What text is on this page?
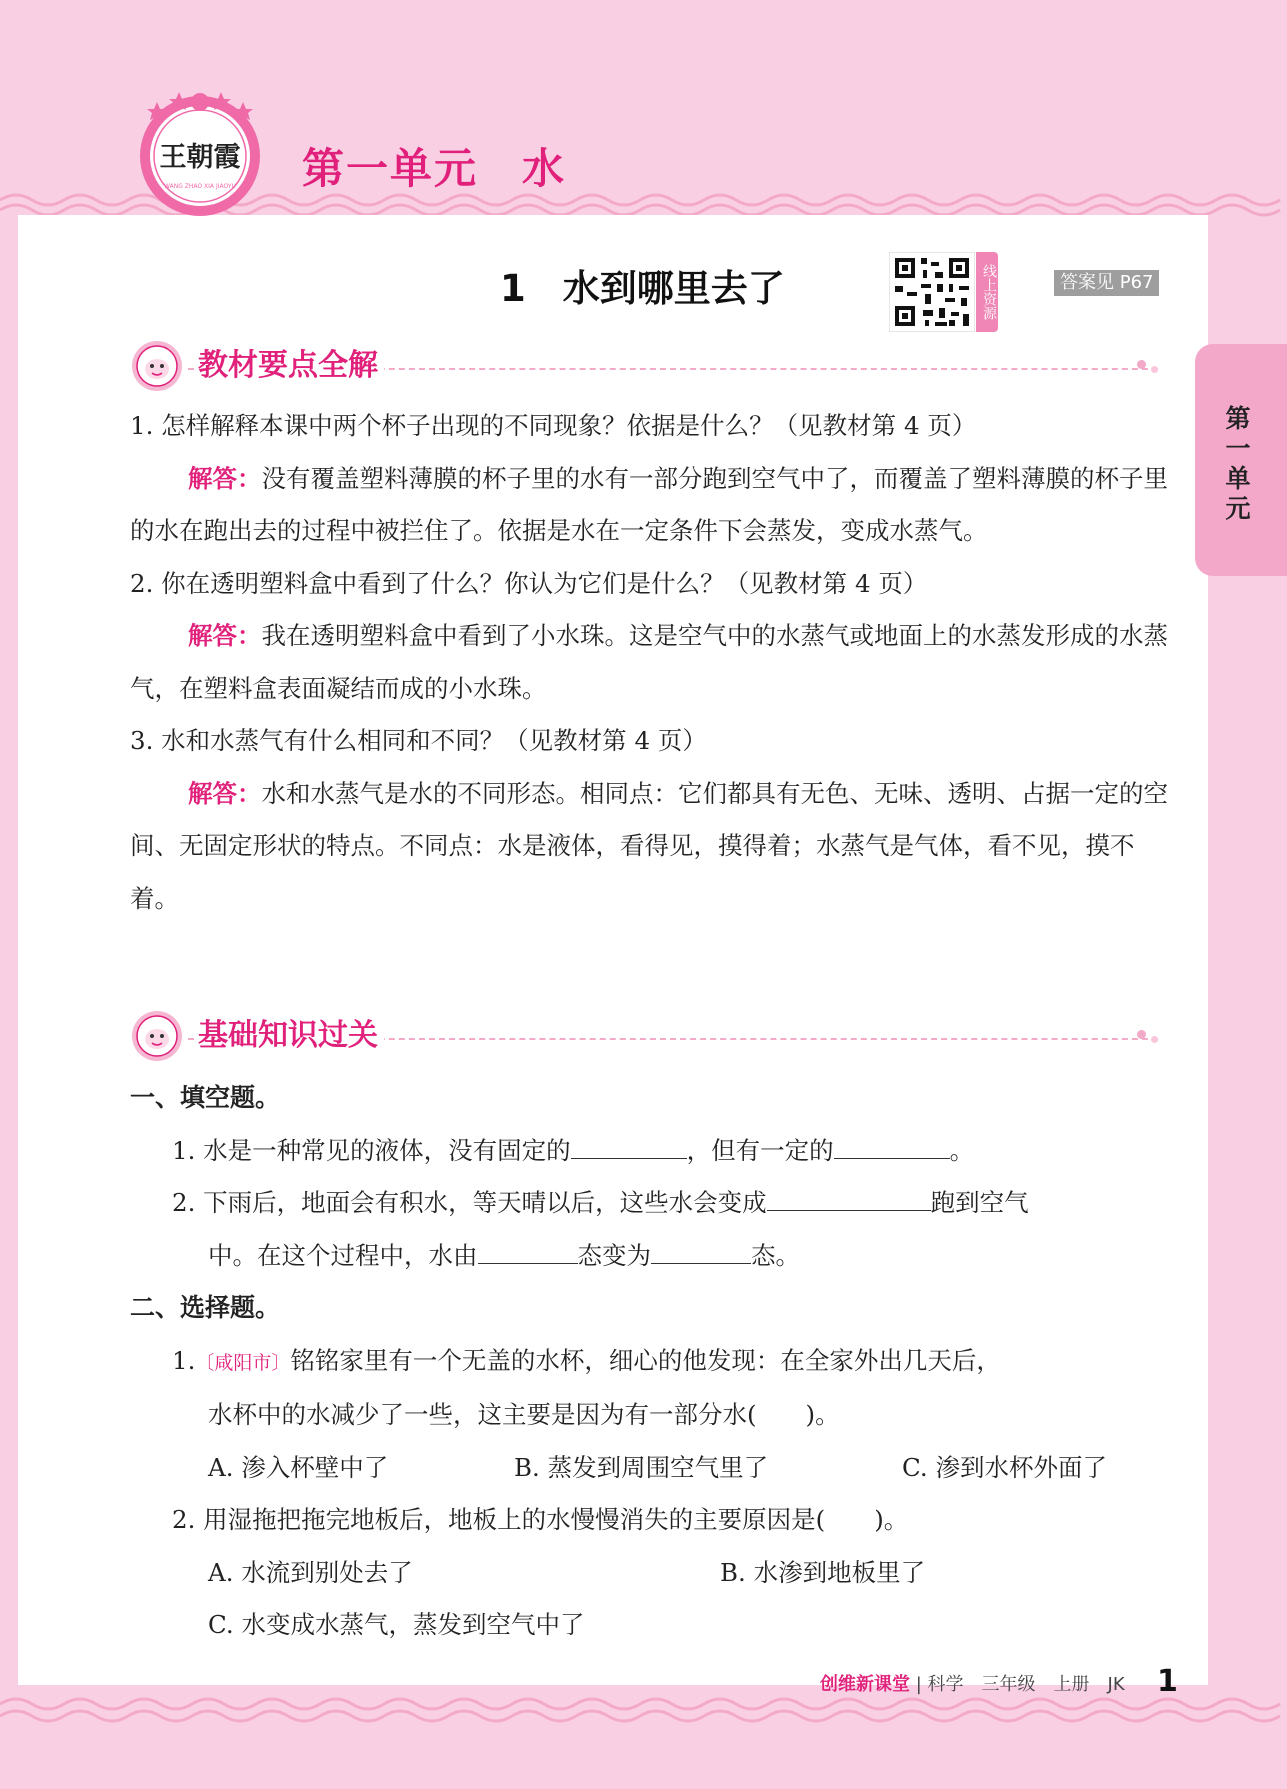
王朝霞
WANG ZHAO XIA JIAOYU 第一单元　水
1　水到哪里去了	线上资源	答案见 P67
第一单元
教材要点全解

1. 怎样解释本课中两个杯子出现的不同现象？依据是什么？（见教材第 4 页）

解答：没有覆盖塑料薄膜的杯子里的水有一部分跑到空气中了，而覆盖了塑料薄膜的杯子里的水在跑出去的过程中被拦住了。依据是水在一定条件下会蒸发，变成水蒸气。

2. 你在透明塑料盒中看到了什么？你认为它们是什么？（见教材第 4 页）

解答：我在透明塑料盒中看到了小水珠。这是空气中的水蒸气或地面上的水蒸发形成的水蒸气，在塑料盒表面凝结而成的小水珠。

3. 水和水蒸气有什么相同和不同？（见教材第 4 页）

解答：水和水蒸气是水的不同形态。相同点：它们都具有无色、无味、透明、占据一定的空间、无固定形状的特点。不同点：水是液体，看得见，摸得着；水蒸气是气体，看不见，摸不着。

基础知识过关

一、填空题。

1. 水是一种常见的液体，没有固定的	，但有一定的	。

2. 下雨后，地面会有积水，等天晴以后，这些水会变成	跑到空气

中。在这个过程中，水由	态变为	态。

二、选择题。

1.〔咸阳市〕铭铭家里有一个无盖的水杯，细心的他发现：在全家外出几天后，

水杯中的水减少了一些，这主要是因为有一部分水(　　)。

A. 渗入杯壁中了	B. 蒸发到周围空气里了	C. 渗到水杯外面了

2. 用湿拖把拖完地板后，地板上的水慢慢消失的主要原因是(　　)。

A. 水流到别处去了	B. 水渗到地板里了

C. 水变成水蒸气，蒸发到空气中了

创维新课堂 | 科学　三年级　上册　JK 1
